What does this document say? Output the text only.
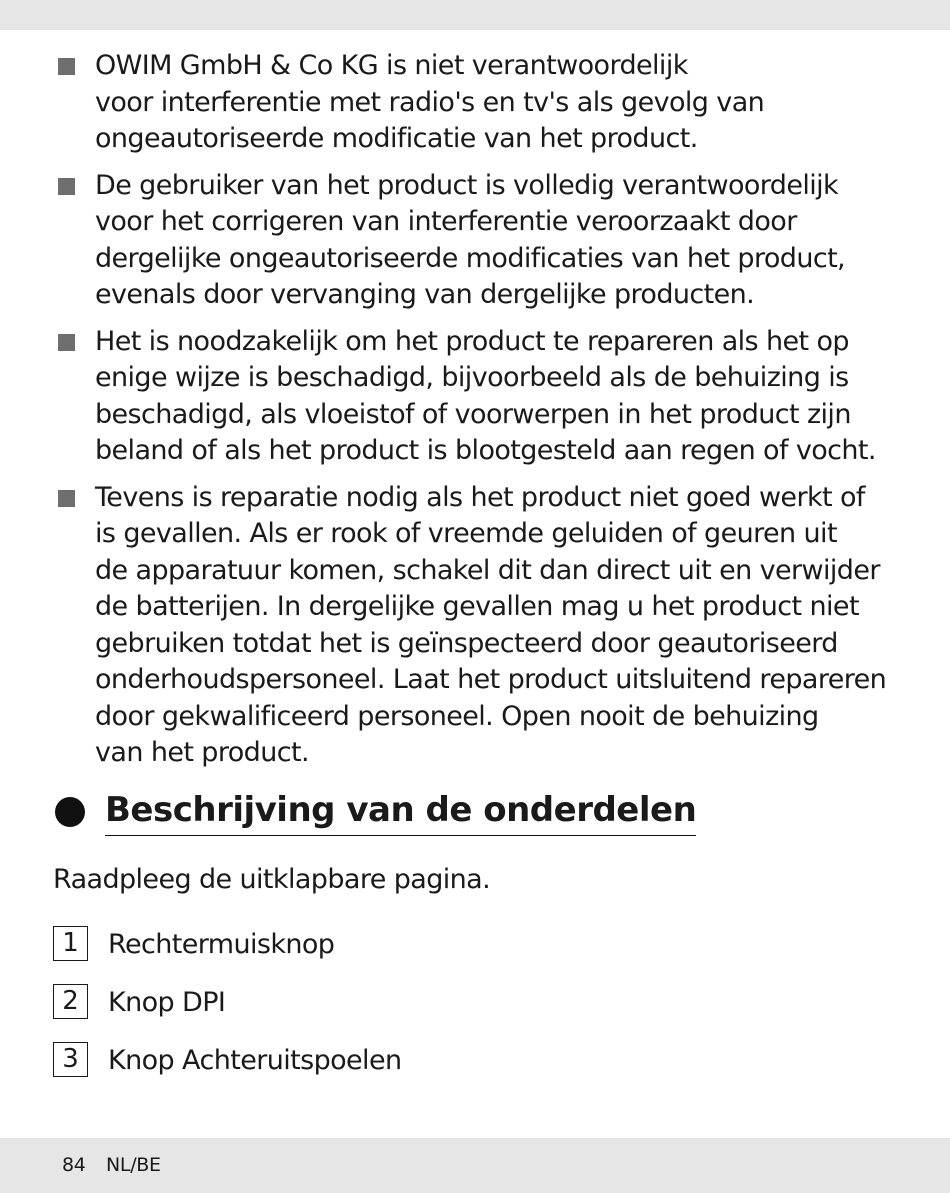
OWIM GmbH & Co KG is niet verantwoordelijk
voor interferentie met radio's en tv's als gevolg van
ongeautoriseerde modificatie van het product.
De gebruiker van het product is volledig verantwoordelijk
voor het corrigeren van interferentie veroorzaakt door
dergelijke ongeautoriseerde modificaties van het product,
evenals door vervanging van dergelijke producten.
Het is noodzakelijk om het product te repareren als het op
enige wijze is beschadigd, bijvoorbeeld als de behuizing is
beschadigd, als vloeistof of voorwerpen in het product zijn
beland of als het product is blootgesteld aan regen of vocht.
Tevens is reparatie nodig als het product niet goed werkt of
is gevallen. Als er rook of vreemde geluiden of geuren uit
de apparatuur komen, schakel dit dan direct uit en verwijder
de batterijen. In dergelijke gevallen mag u het product niet
gebruiken totdat het is geïnspecteerd door geautoriseerd
onderhoudspersoneel. Laat het product uitsluitend repareren
door gekwalificeerd personeel. Open nooit de behuizing
van het product.
Beschrijving van de onderdelen
Raadpleeg de uitklapbare pagina.
1	Rechtermuisknop
2	Knop DPI
3	Knop Achteruitspoelen
84 NL/BE
